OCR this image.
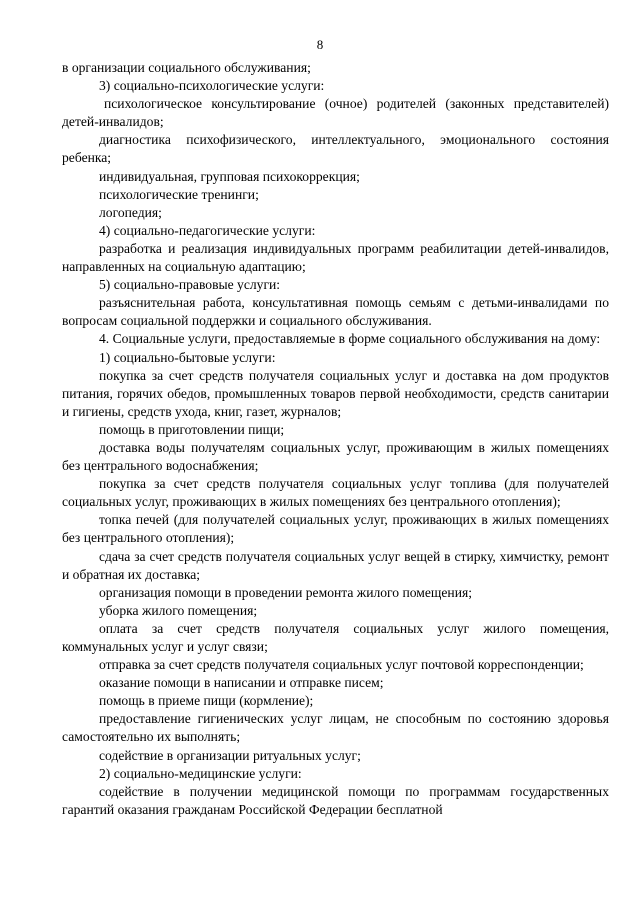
8

в организации социального обслуживания;

3) социально-психологические услуги:

психологическое консультирование (очное) родителей (законных представителей) детей-инвалидов;

диагностика психофизического, интеллектуального, эмоционального состояния ребенка;

индивидуальная, групповая психокоррекция;

психологические тренинги;

логопедия;

4) социально-педагогические услуги:

разработка и реализация индивидуальных программ реабилитации детей-инвалидов, направленных на социальную адаптацию;

5) социально-правовые услуги:

разъяснительная работа, консультативная помощь семьям с детьми-инвалидами по вопросам социальной поддержки и социального обслуживания.

4. Социальные услуги, предоставляемые в форме социального обслуживания на дому:

1) социально-бытовые услуги:

покупка за счет средств получателя социальных услуг и доставка на дом продуктов питания, горячих обедов, промышленных товаров первой необходимости, средств санитарии и гигиены, средств ухода, книг, газет, журналов;

помощь в приготовлении пищи;

доставка воды получателям социальных услуг, проживающим в жилых помещениях без центрального водоснабжения;

покупка за счет средств получателя социальных услуг топлива (для получателей социальных услуг, проживающих в жилых помещениях без центрального отопления);

топка печей (для получателей социальных услуг, проживающих в жилых помещениях без центрального отопления);

сдача за счет средств получателя социальных услуг вещей в стирку, химчистку, ремонт и обратная их доставка;

организация помощи в проведении ремонта жилого помещения;

уборка жилого помещения;

оплата за счет средств получателя социальных услуг жилого помещения, коммунальных услуг и услуг связи;

отправка за счет средств получателя социальных услуг почтовой корреспонденции;

оказание помощи в написании и отправке писем;

помощь в приеме пищи (кормление);

предоставление гигиенических услуг лицам, не способным по состоянию здоровья самостоятельно их выполнять;

содействие в организации ритуальных услуг;

2) социально-медицинские услуги:

содействие в получении медицинской помощи по программам государственных гарантий оказания гражданам Российской Федерации бесплатной
